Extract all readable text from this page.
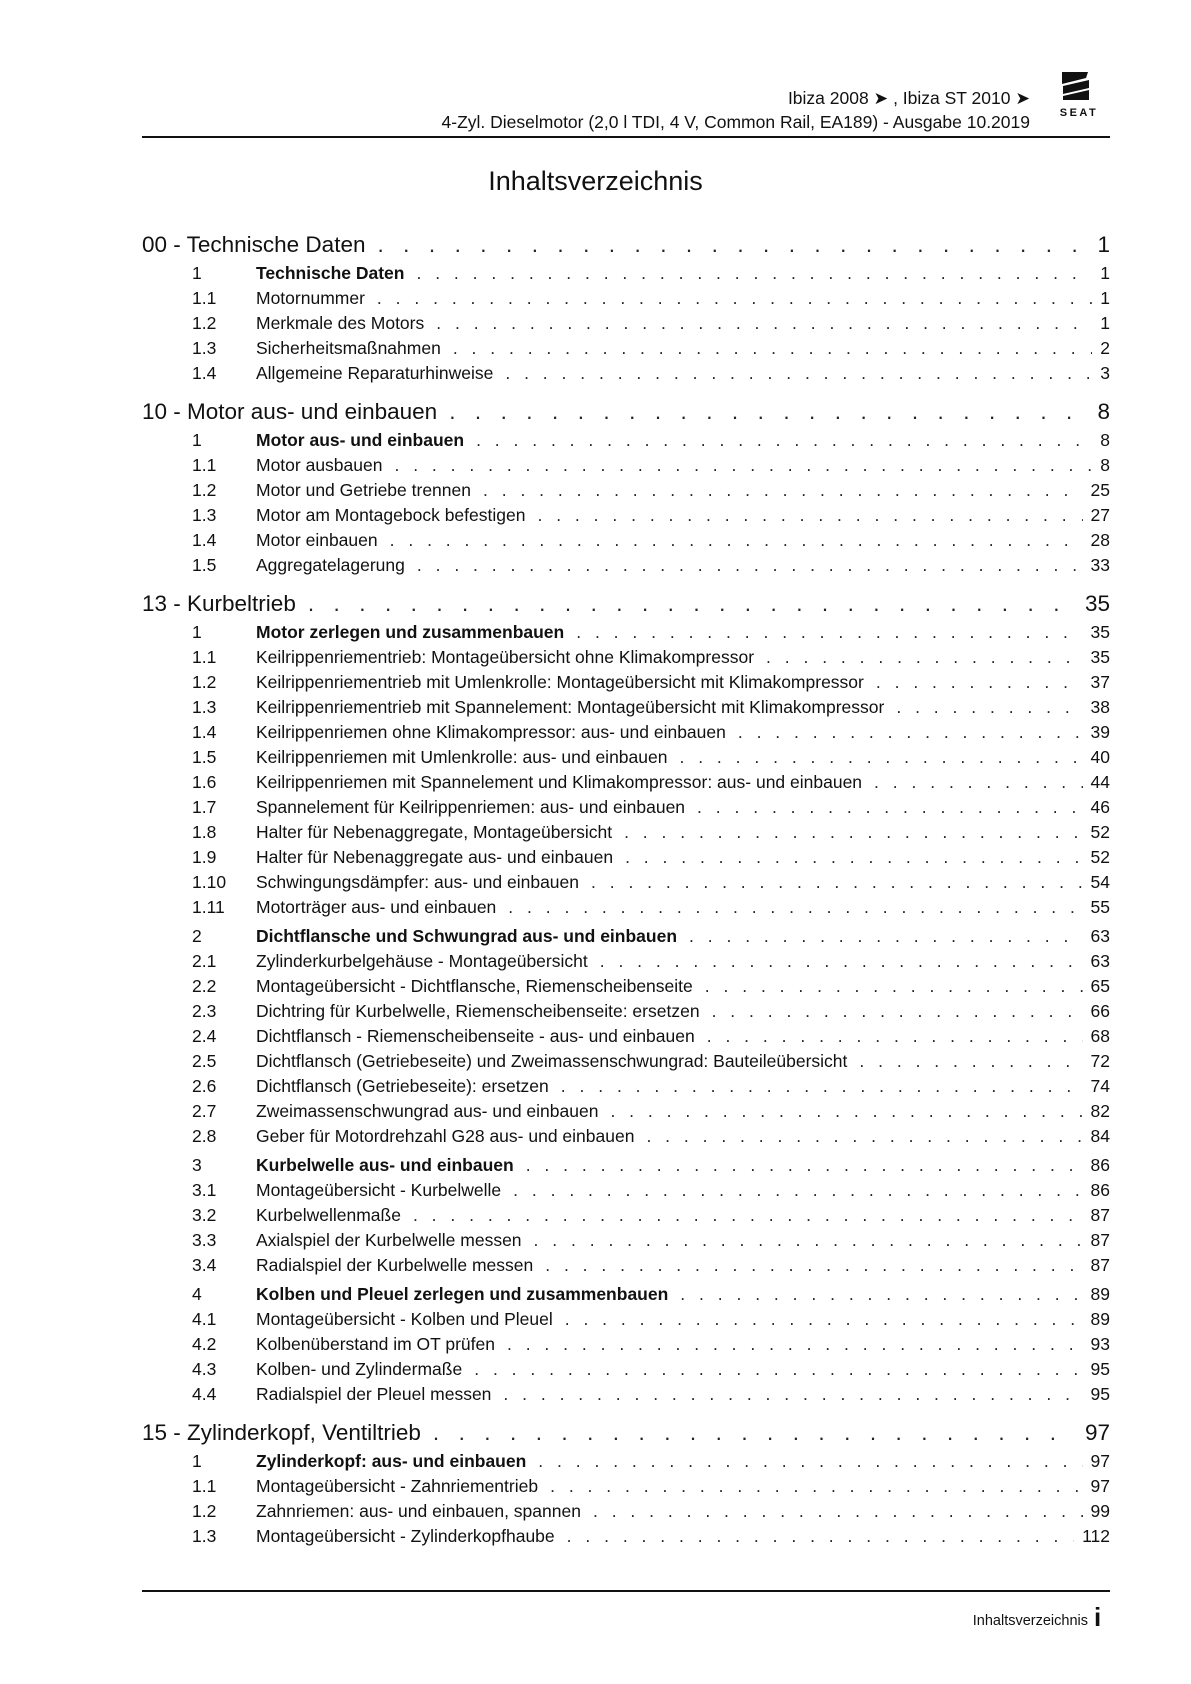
Ibiza 2008 ➤ , Ibiza ST 2010 ➤
4-Zyl. Dieselmotor (2,0 l TDI, 4 V, Common Rail, EA189) - Ausgabe 10.2019	SEAT
Inhaltsverzeichnis
00 - Technische Daten . . .	1
1	Technische Daten . . .	1
1.1	Motornummer . . .	1
1.2	Merkmale des Motors . . .	1
1.3	Sicherheitsmaßnahmen . . .	2
1.4	Allgemeine Reparaturhinweise . . .	3
10 - Motor aus- und einbauen . . .	8
1	Motor aus- und einbauen . . .	8
1.1	Motor ausbauen . . .	8
1.2	Motor und Getriebe trennen . . .	25
1.3	Motor am Montagebock befestigen . . .	27
1.4	Motor einbauen . . .	28
1.5	Aggregatelagerung . . .	33
13 - Kurbeltrieb . . .	35
1	Motor zerlegen und zusammenbauen . . .	35
1.1	Keilrippenriementrieb: Montageübersicht ohne Klimakompressor . . .	35
1.2	Keilrippenriementrieb mit Umlenkrolle: Montageübersicht mit Klimakompressor . . .	37
1.3	Keilrippenriementrieb mit Spannelement: Montageübersicht mit Klimakompressor . . .	38
1.4	Keilrippenriemen ohne Klimakompressor: aus- und einbauen . . .	39
1.5	Keilrippenriemen mit Umlenkrolle: aus- und einbauen . . .	40
1.6	Keilrippenriemen mit Spannelement und Klimakompressor: aus- und einbauen . . .	44
1.7	Spannelement für Keilrippenriemen: aus- und einbauen . . .	46
1.8	Halter für Nebenaggregate, Montageübersicht . . .	52
1.9	Halter für Nebenaggregate aus- und einbauen . . .	52
1.10	Schwingungsdämpfer: aus- und einbauen . . .	54
1.11	Motorträger aus- und einbauen . . .	55
2	Dichtflansche und Schwungrad aus- und einbauen . . .	63
2.1	Zylinderkurbelgehäuse - Montageübersicht . . .	63
2.2	Montageübersicht - Dichtflansche, Riemenscheibenseite . . .	65
2.3	Dichtring für Kurbelwelle, Riemenscheibenseite: ersetzen . . .	66
2.4	Dichtflansch - Riemenscheibenseite - aus- und einbauen . . .	68
2.5	Dichtflansch (Getriebeseite) und Zweimassenschwungrad: Bauteileübersicht . . .	72
2.6	Dichtflansch (Getriebeseite): ersetzen . . .	74
2.7	Zweimassenschwungrad aus- und einbauen . . .	82
2.8	Geber für Motordrehzahl G28 aus- und einbauen . . .	84
3	Kurbelwelle aus- und einbauen . . .	86
3.1	Montageübersicht - Kurbelwelle . . .	86
3.2	Kurbelwellenmaße . . .	87
3.3	Axialspiel der Kurbelwelle messen . . .	87
3.4	Radialspiel der Kurbelwelle messen . . .	87
4	Kolben und Pleuel zerlegen und zusammenbauen . . .	89
4.1	Montageübersicht - Kolben und Pleuel . . .	89
4.2	Kolbenüberstand im OT prüfen . . .	93
4.3	Kolben- und Zylindermaße . . .	95
4.4	Radialspiel der Pleuel messen . . .	95
15 - Zylinderkopf, Ventiltrieb . . .	97
1	Zylinderkopf: aus- und einbauen . . .	97
1.1	Montageübersicht - Zahnriementrieb . . .	97
1.2	Zahnriemen: aus- und einbauen, spannen . . .	99
1.3	Montageübersicht - Zylinderkopfhaube . . .	112
Inhaltsverzeichnis i
